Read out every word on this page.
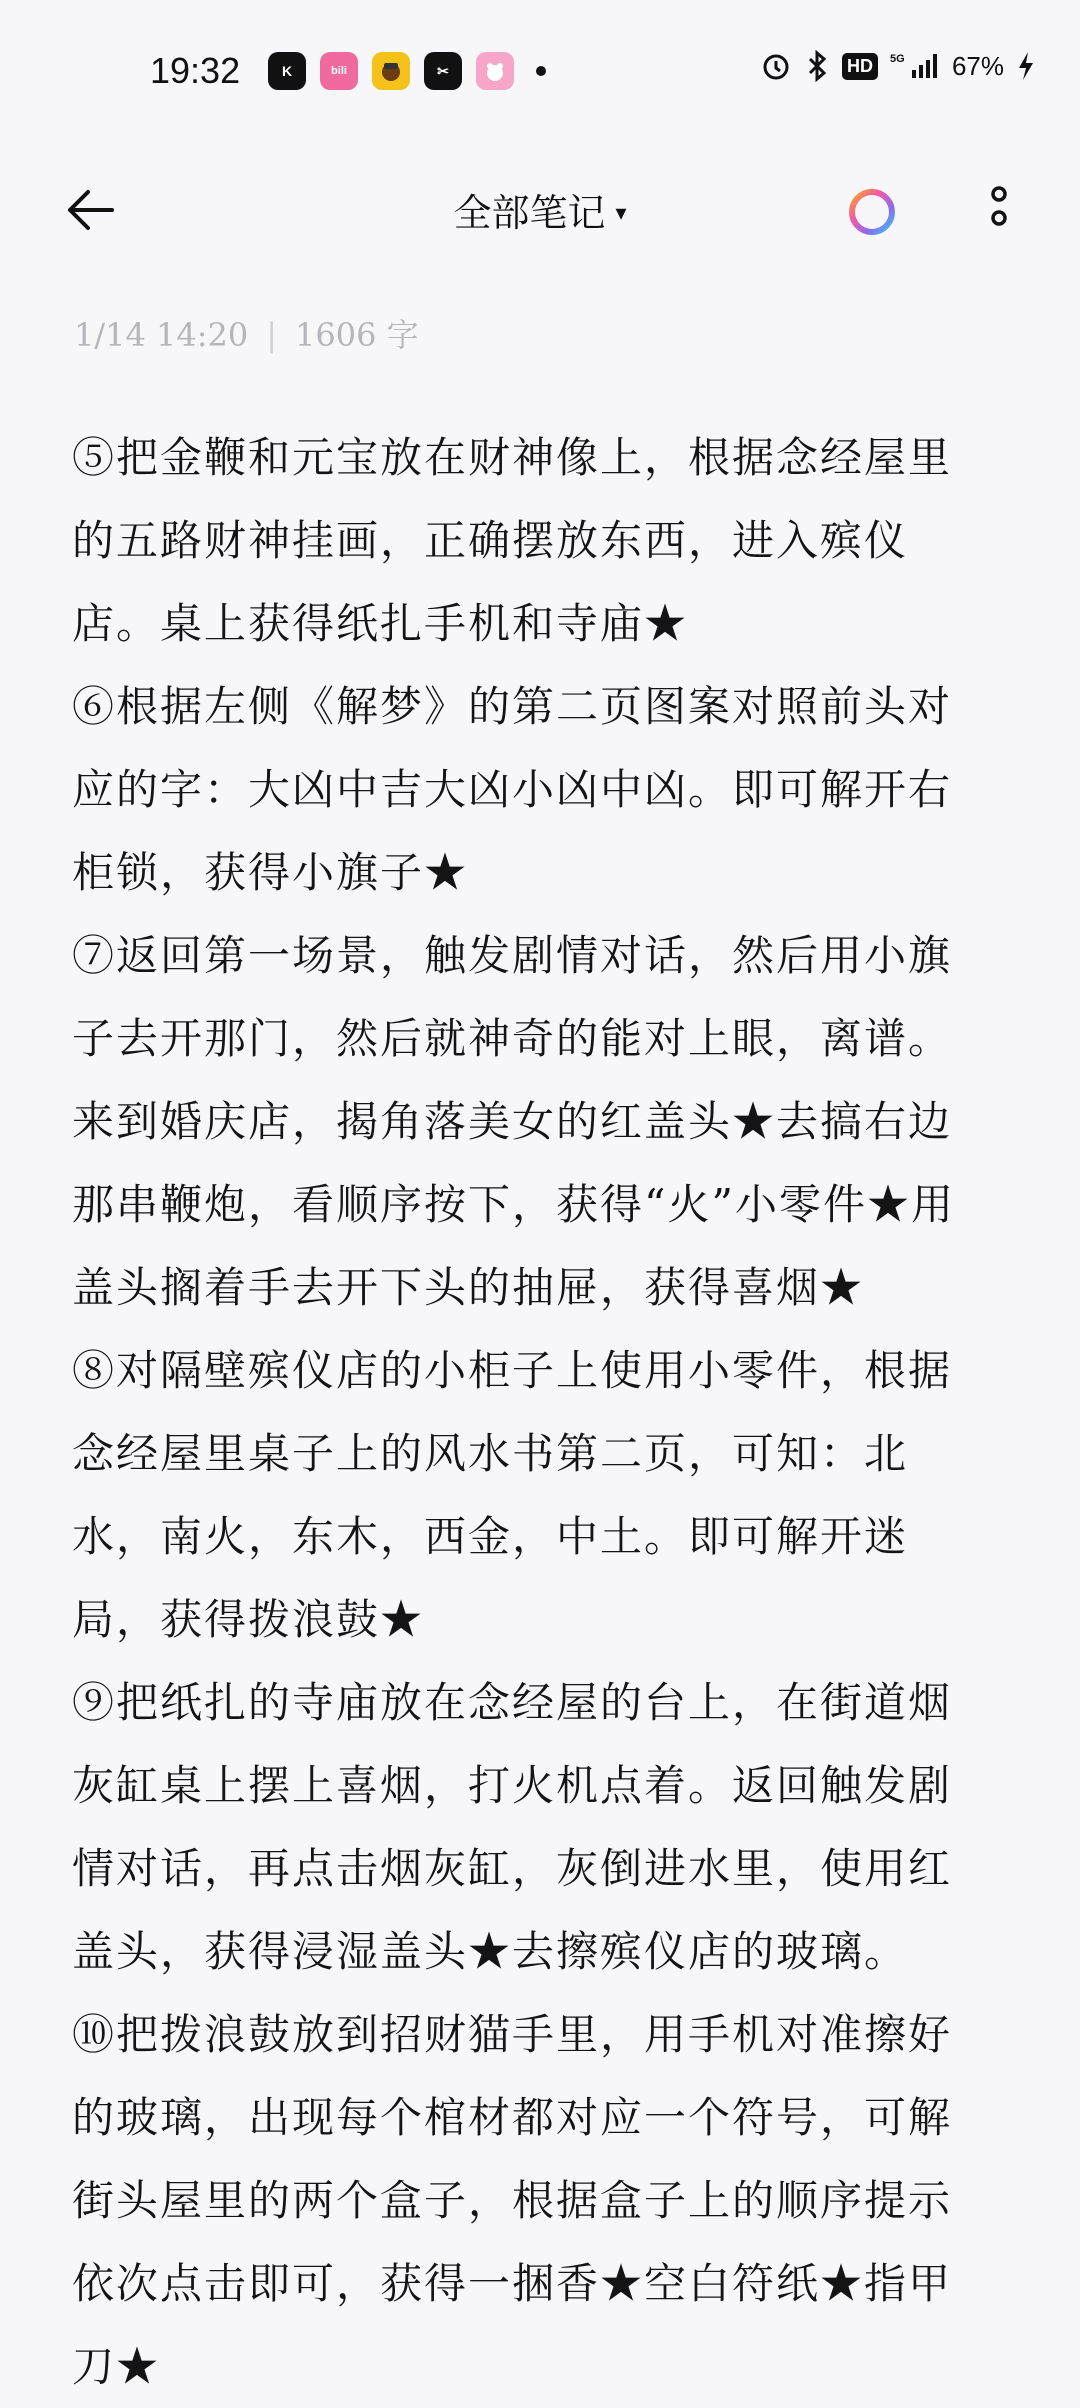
19:32	K	bili	✂	HD	5G 67%
全部笔记 ▾
1/14 14:20 | 1606 字

⑤把金鞭和元宝放在财神像上，根据念经屋里的五路财神挂画，正确摆放东西，进入殡仪店。桌上获得纸扎手机和寺庙★

⑥根据左侧《解梦》的第二页图案对照前头对应的字：大凶中吉大凶小凶中凶。即可解开右柜锁，获得小旗子★

⑦返回第一场景，触发剧情对话，然后用小旗子去开那门，然后就神奇的能对上眼，离谱。来到婚庆店，揭角落美女的红盖头★去搞右边那串鞭炮，看顺序按下，获得“火”小零件★用盖头搁着手去开下头的抽屉，获得喜烟★

⑧对隔壁殡仪店的小柜子上使用小零件，根据念经屋里桌子上的风水书第二页，可知：北水，南火，东木，西金，中土。即可解开迷局，获得拨浪鼓★

⑨把纸扎的寺庙放在念经屋的台上，在街道烟灰缸桌上摆上喜烟，打火机点着。返回触发剧情对话，再点击烟灰缸，灰倒进水里，使用红盖头，获得浸湿盖头★去擦殡仪店的玻璃。

⑩把拨浪鼓放到招财猫手里，用手机对准擦好的玻璃，出现每个棺材都对应一个符号，可解街头屋里的两个盒子，根据盒子上的顺序提示依次点击即可，获得一捆香★空白符纸★指甲刀★
